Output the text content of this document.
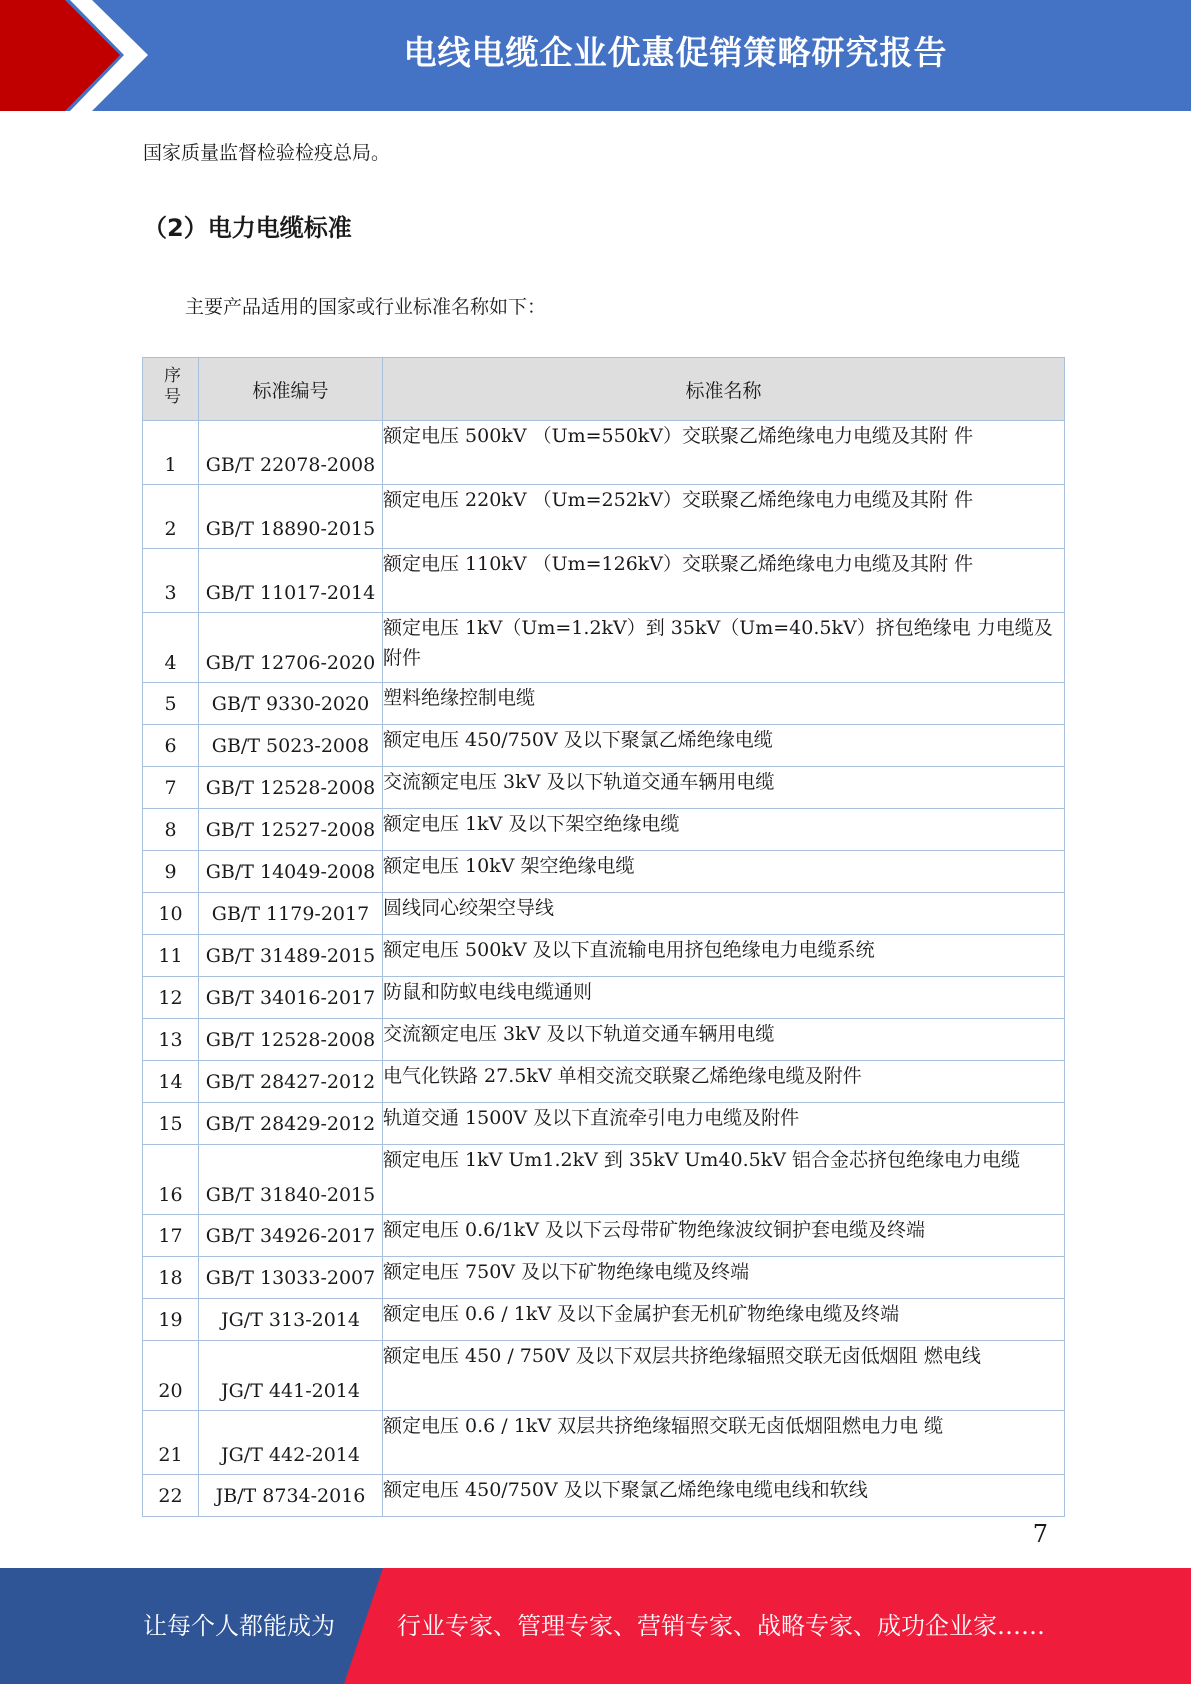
电线电缆企业优惠促销策略研究报告
国家质量监督检验检疫总局。
（2）电力电缆标准
主要产品适用的国家或行业标准名称如下：
序号	标准编号	标准名称
1	GB/T 22078-2008	额定电压 500kV （Um=550kV）交联聚乙烯绝缘电力电缆及其附 件
2	GB/T 18890-2015	额定电压 220kV （Um=252kV）交联聚乙烯绝缘电力电缆及其附 件
3	GB/T 11017-2014	额定电压 110kV （Um=126kV）交联聚乙烯绝缘电力电缆及其附 件
4	GB/T 12706-2020	额定电压 1kV（Um=1.2kV）到 35kV（Um=40.5kV）挤包绝缘电 力电缆及附件
5	GB/T 9330-2020	塑料绝缘控制电缆
6	GB/T 5023-2008	额定电压 450/750V 及以下聚氯乙烯绝缘电缆
7	GB/T 12528-2008	交流额定电压 3kV 及以下轨道交通车辆用电缆
8	GB/T 12527-2008	额定电压 1kV 及以下架空绝缘电缆
9	GB/T 14049-2008	额定电压 10kV 架空绝缘电缆
10	GB/T 1179-2017	圆线同心绞架空导线
11	GB/T 31489-2015	额定电压 500kV 及以下直流输电用挤包绝缘电力电缆系统
12	GB/T 34016-2017	防鼠和防蚁电线电缆通则
13	GB/T 12528-2008	交流额定电压 3kV 及以下轨道交通车辆用电缆
14	GB/T 28427-2012	电气化铁路 27.5kV 单相交流交联聚乙烯绝缘电缆及附件
15	GB/T 28429-2012	轨道交通 1500V 及以下直流牵引电力电缆及附件
16	GB/T 31840-2015	额定电压 1kV Um1.2kV 到 35kV Um40.5kV 铝合金芯挤包绝缘电力电缆
17	GB/T 34926-2017	额定电压 0.6/1kV 及以下云母带矿物绝缘波纹铜护套电缆及终端
18	GB/T 13033-2007	额定电压 750V 及以下矿物绝缘电缆及终端
19	JG/T 313-2014	额定电压 0.6 / 1kV 及以下金属护套无机矿物绝缘电缆及终端
20	JG/T 441-2014	额定电压 450 / 750V 及以下双层共挤绝缘辐照交联无卤低烟阻 燃电线
21	JG/T 442-2014	额定电压 0.6 / 1kV 双层共挤绝缘辐照交联无卤低烟阻燃电力电 缆
22	JB/T 8734-2016	额定电压 450/750V 及以下聚氯乙烯绝缘电缆电线和软线
7
让每个人都能成为	行业专家、管理专家、营销专家、战略专家、成功企业家……
